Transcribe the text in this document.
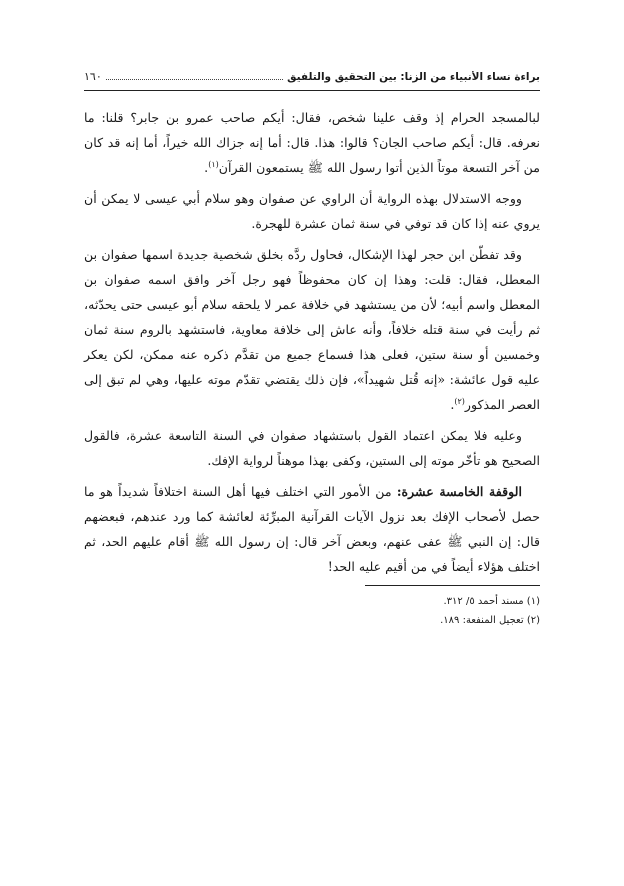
براءة نساء الأنبياء من الزنا: بين التحقيق والتلفيق
١٦٠

لبالمسجد الحرام إذ وقف علينا شخص، فقال: أيكم صاحب عمرو بن جابر؟ قلنا: ما نعرفه. قال: أيكم صاحب الجان؟ قالوا: هذا. قال: أما إنه جزاك الله خيراً، أما إنه قد كان من آخر التسعة موتاً الذين أتوا رسول الله ﷺ يستمعون القرآن$^{(١)}$.

ووجه الاستدلال بهذه الرواية أن الراوي عن صفوان وهو سلام أبي عيسى لا يمكن أن يروي عنه إذا كان قد توفي في سنة ثمان عشرة للهجرة.

وقد تفطّن ابن حجر لهذا الإشكال، فحاول ردَّه بخلق شخصية جديدة اسمها صفوان بن المعطل، فقال: قلت: وهذا إن كان محفوظاً فهو رجل آخر وافق اسمه صفوان بن المعطل واسم أبيه؛ لأن من يستشهد في خلافة عمر لا يلحقه سلام أبو عيسى حتى يحدّثه، ثم رأيت في سنة قتله خلافاً، وأنه عاش إلى خلافة معاوية، فاستشهد بالروم سنة ثمان وخمسين أو سنة ستين، فعلى هذا فسماع جميع من تقدَّم ذكره عنه ممكن، لكن يعكر عليه قول عائشة: «إنه قُتل شهيداً»، فإن ذلك يقتضي تقدّم موته عليها، وهي لم تبق إلى العصر المذكور$^{(٢)}$.

وعليه فلا يمكن اعتماد القول باستشهاد صفوان في السنة التاسعة عشرة، فالقول الصحيح هو تأخّر موته إلى الستين، وكفى بهذا موهناً لرواية الإفك.

الوقفة الخامسة عشرة: من الأمور التي اختلف فيها أهل السنة اختلافاً شديداً هو ما حصل لأصحاب الإفك بعد نزول الآيات القرآنية المبرِّئة لعائشة كما ورد عندهم، فبعضهم قال: إن النبي ﷺ عفى عنهم، وبعض آخر قال: إن رسول الله ﷺ أقام عليهم الحد، ثم اختلف هؤلاء أيضاً في من أقيم عليه الحد!

(١) مسند أحمد ٥/ ٣١٢.
(٢) تعجيل المنفعة: ١٨٩.
